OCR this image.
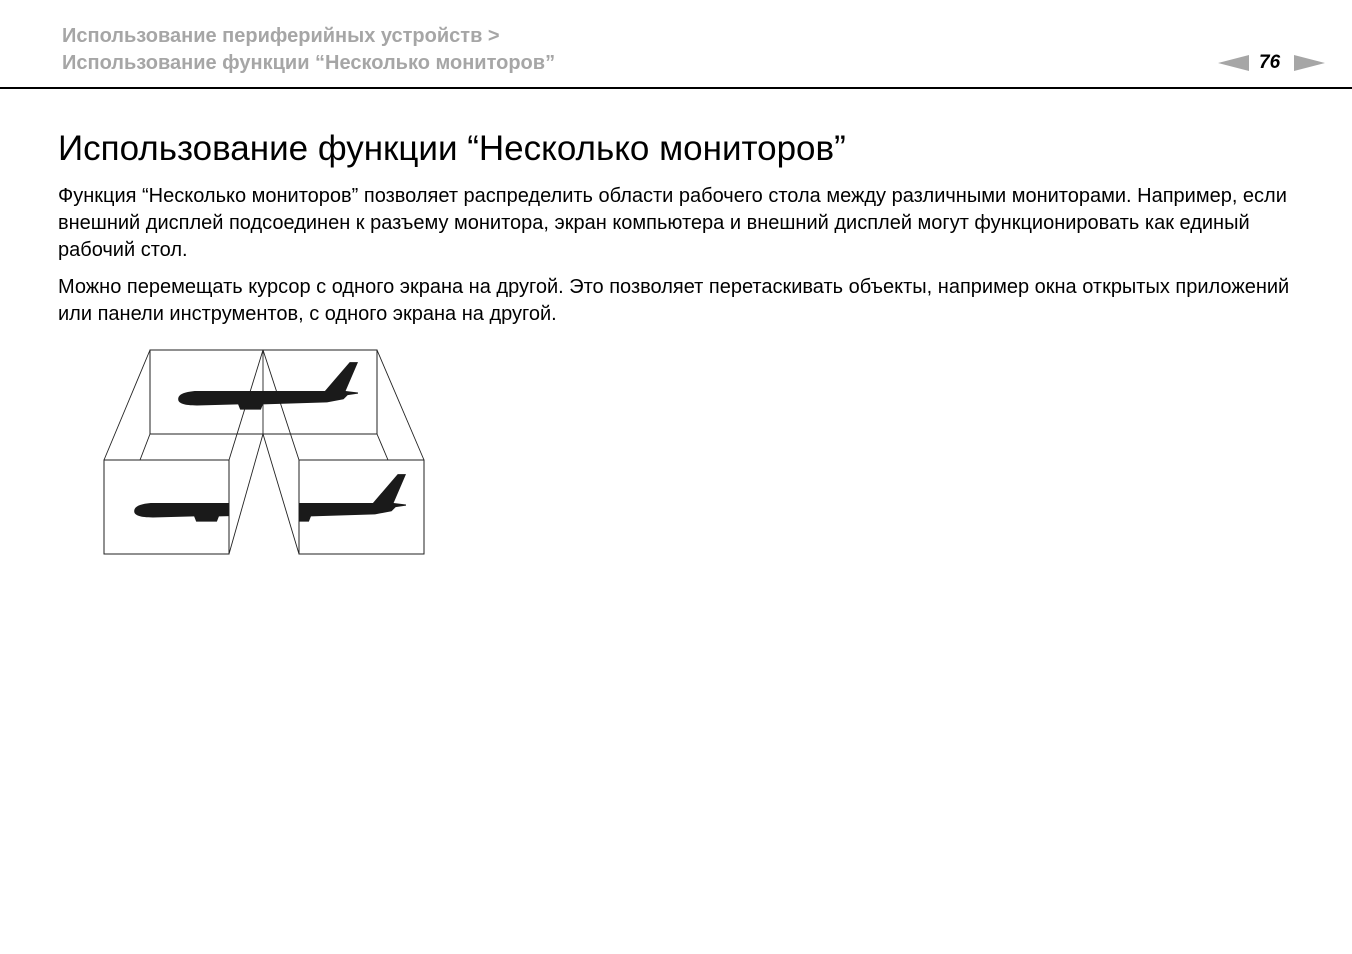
Использование периферийных устройств >
Использование функции “Несколько мониторов”	76
Использование функции “Несколько мониторов”

Функция “Несколько мониторов” позволяет распределить области рабочего стола между различными мониторами. Например, если внешний дисплей подсоединен к разъему монитора, экран компьютера и внешний дисплей могут функционировать как единый рабочий стол.

Можно перемещать курсор с одного экрана на другой. Это позволяет перетаскивать объекты, например окна открытых приложений или панели инструментов, с одного экрана на другой.
